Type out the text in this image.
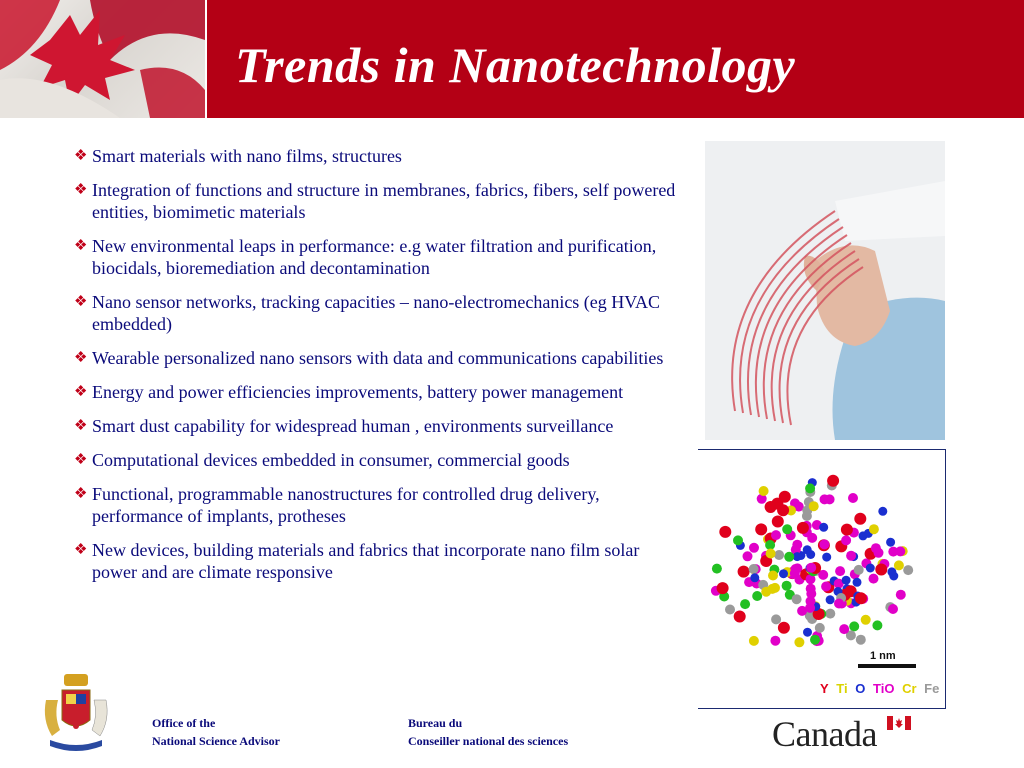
Trends in Nanotechnology
❖ Smart materials with nano films, structures
❖ Integration of functions and structure in membranes, fabrics, fibers, self powered entities, biomimetic materials
❖ New environmental leaps in performance: e.g water filtration and purification, biocidals, bioremediation and decontamination
❖ Nano sensor networks, tracking capacities – nano-electromechanics (eg HVAC embedded)
❖ Wearable personalized nano sensors with data and communications capabilities
❖ Energy and power efficiencies improvements, battery power management
❖ Smart dust capability for widespread human , environments surveillance
❖ Computational devices embedded in consumer, commercial goods
❖ Functional, programmable nanostructures for controlled drug delivery, performance of implants, protheses
❖ New devices, building materials and fabrics that incorporate nano film solar power and are climate responsive
1 nm
Y Ti O TiO Cr Fe
Office of the
National Science Advisor
Bureau du
Conseiller national des sciences	Canada
